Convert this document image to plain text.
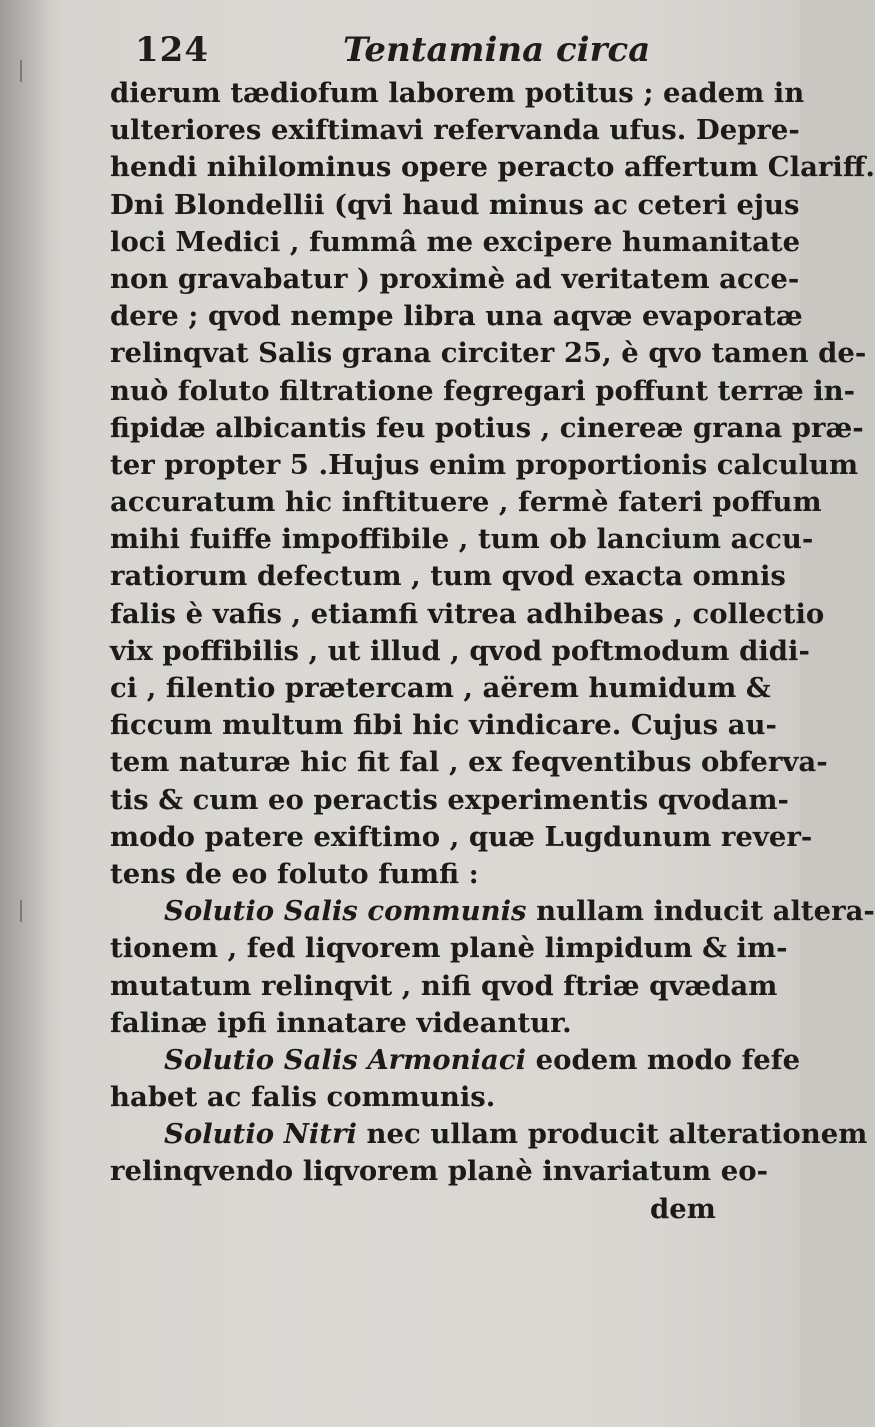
124	Tentamina circa
dierum tædiofum laborem potitus ; eadem in
ulteriores exiftimavi refervanda ufus. Depre-
hendi nihilominus opere peracto affertum Clariff.
Dni Blondellii (qvi haud minus ac ceteri ejus
loci Medici , fummâ me excipere humanitate
non gravabatur ) proximè ad veritatem acce-
dere ; qvod nempe libra una aqvæ evaporatæ
relinqvat Salis grana circiter 25, è qvo tamen de-
nuò foluto filtratione fegregari poffunt terræ in-
fipidæ albicantis feu potius , cinereæ grana præ-
ter propter 5 .Hujus enim proportionis calculum
accuratum hic inftituere , fermè fateri poffum
mihi fuiffe impoffibile , tum ob lancium accu-
ratiorum defectum , tum qvod exacta omnis
falis è vafis , etiamfi vitrea adhibeas , collectio
vix poffibilis , ut illud , qvod poftmodum didi-
ci , filentio prætercam , aërem humidum &
ficcum multum fibi hic vindicare. Cujus au-
tem naturæ hic fit fal , ex feqventibus obferva-
tis & cum eo peractis experimentis qvodam-
modo patere exiftimo , quæ Lugdunum rever-
tens de eo foluto fumfi :
Solutio Salis communis nullam inducit altera-
tionem , fed liqvorem planè limpidum & im-
mutatum relinqvit , nifi qvod ftriæ qvædam
falinæ ipfi innatare videantur.
Solutio Salis Armoniaci eodem modo fefe
habet ac falis communis.
Solutio Nitri nec ullam producit alterationem
relinqvendo liqvorem planè invariatum eo-
dem
